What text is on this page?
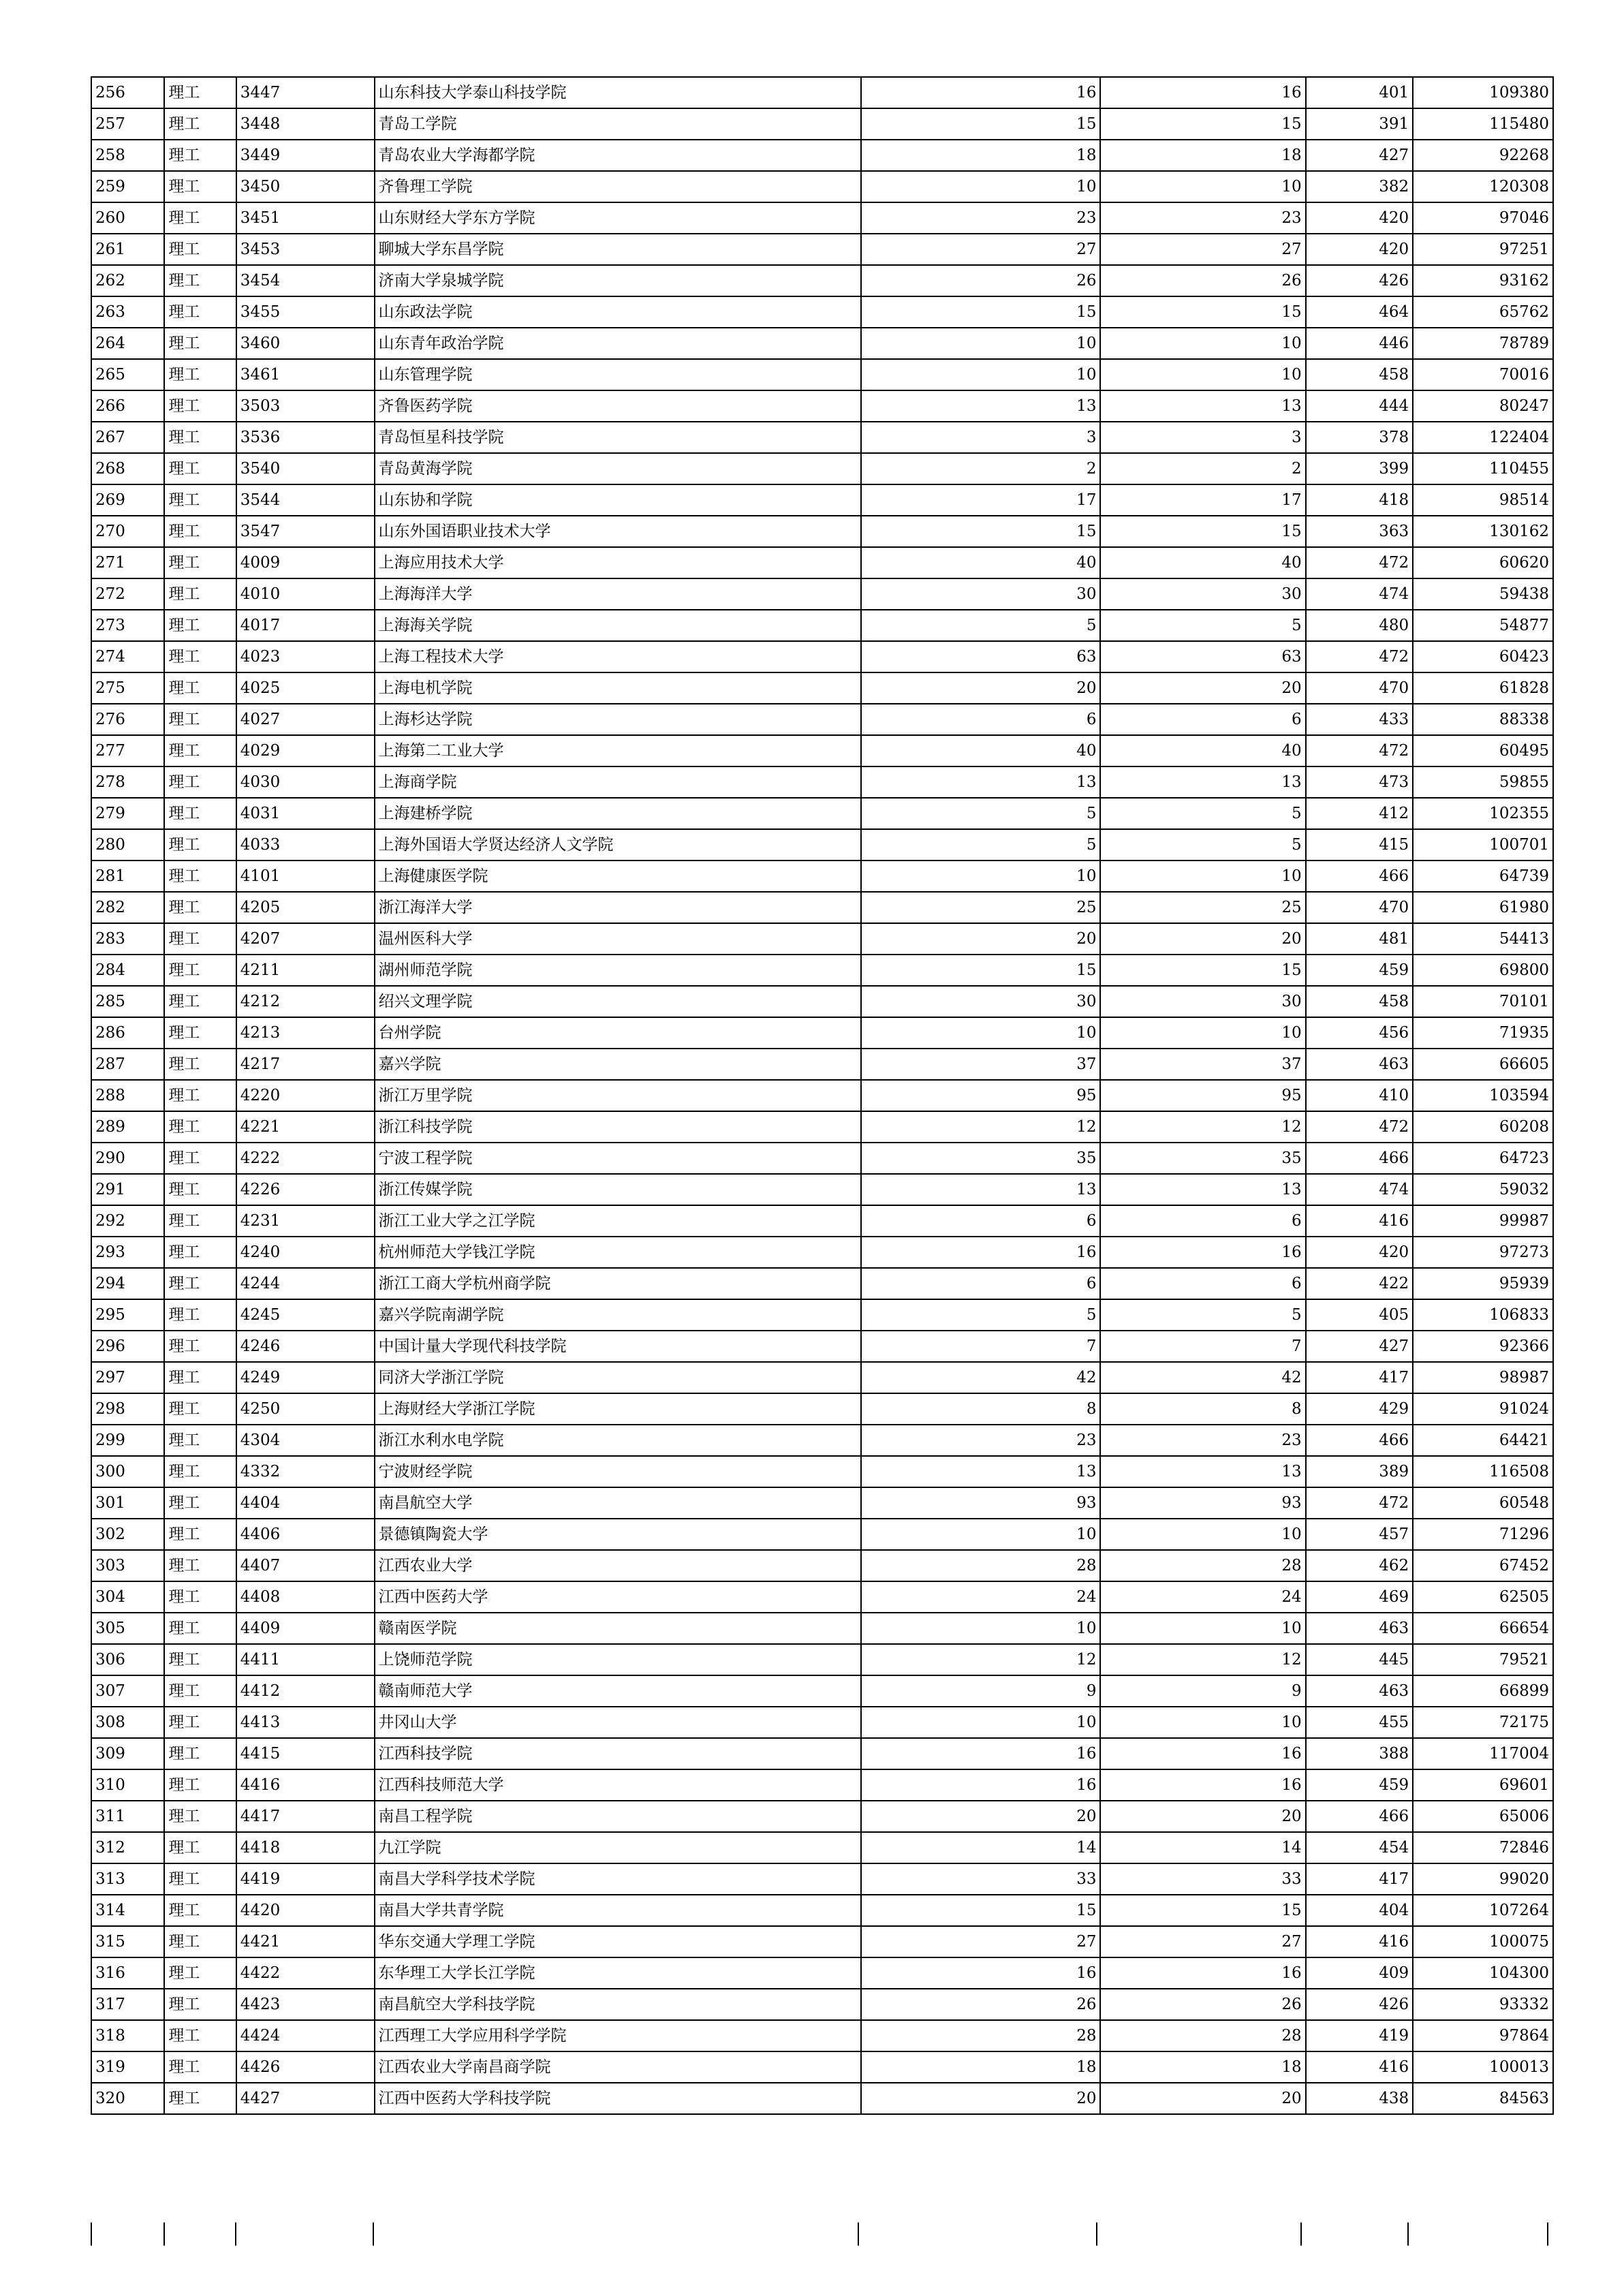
256	理工	3447	山东科技大学泰山科技学院	16	16	401	109380
257	理工	3448	青岛工学院	15	15	391	115480
258	理工	3449	青岛农业大学海都学院	18	18	427	92268
259	理工	3450	齐鲁理工学院	10	10	382	120308
260	理工	3451	山东财经大学东方学院	23	23	420	97046
261	理工	3453	聊城大学东昌学院	27	27	420	97251
262	理工	3454	济南大学泉城学院	26	26	426	93162
263	理工	3455	山东政法学院	15	15	464	65762
264	理工	3460	山东青年政治学院	10	10	446	78789
265	理工	3461	山东管理学院	10	10	458	70016
266	理工	3503	齐鲁医药学院	13	13	444	80247
267	理工	3536	青岛恒星科技学院	3	3	378	122404
268	理工	3540	青岛黄海学院	2	2	399	110455
269	理工	3544	山东协和学院	17	17	418	98514
270	理工	3547	山东外国语职业技术大学	15	15	363	130162
271	理工	4009	上海应用技术大学	40	40	472	60620
272	理工	4010	上海海洋大学	30	30	474	59438
273	理工	4017	上海海关学院	5	5	480	54877
274	理工	4023	上海工程技术大学	63	63	472	60423
275	理工	4025	上海电机学院	20	20	470	61828
276	理工	4027	上海杉达学院	6	6	433	88338
277	理工	4029	上海第二工业大学	40	40	472	60495
278	理工	4030	上海商学院	13	13	473	59855
279	理工	4031	上海建桥学院	5	5	412	102355
280	理工	4033	上海外国语大学贤达经济人文学院	5	5	415	100701
281	理工	4101	上海健康医学院	10	10	466	64739
282	理工	4205	浙江海洋大学	25	25	470	61980
283	理工	4207	温州医科大学	20	20	481	54413
284	理工	4211	湖州师范学院	15	15	459	69800
285	理工	4212	绍兴文理学院	30	30	458	70101
286	理工	4213	台州学院	10	10	456	71935
287	理工	4217	嘉兴学院	37	37	463	66605
288	理工	4220	浙江万里学院	95	95	410	103594
289	理工	4221	浙江科技学院	12	12	472	60208
290	理工	4222	宁波工程学院	35	35	466	64723
291	理工	4226	浙江传媒学院	13	13	474	59032
292	理工	4231	浙江工业大学之江学院	6	6	416	99987
293	理工	4240	杭州师范大学钱江学院	16	16	420	97273
294	理工	4244	浙江工商大学杭州商学院	6	6	422	95939
295	理工	4245	嘉兴学院南湖学院	5	5	405	106833
296	理工	4246	中国计量大学现代科技学院	7	7	427	92366
297	理工	4249	同济大学浙江学院	42	42	417	98987
298	理工	4250	上海财经大学浙江学院	8	8	429	91024
299	理工	4304	浙江水利水电学院	23	23	466	64421
300	理工	4332	宁波财经学院	13	13	389	116508
301	理工	4404	南昌航空大学	93	93	472	60548
302	理工	4406	景德镇陶瓷大学	10	10	457	71296
303	理工	4407	江西农业大学	28	28	462	67452
304	理工	4408	江西中医药大学	24	24	469	62505
305	理工	4409	赣南医学院	10	10	463	66654
306	理工	4411	上饶师范学院	12	12	445	79521
307	理工	4412	赣南师范大学	9	9	463	66899
308	理工	4413	井冈山大学	10	10	455	72175
309	理工	4415	江西科技学院	16	16	388	117004
310	理工	4416	江西科技师范大学	16	16	459	69601
311	理工	4417	南昌工程学院	20	20	466	65006
312	理工	4418	九江学院	14	14	454	72846
313	理工	4419	南昌大学科学技术学院	33	33	417	99020
314	理工	4420	南昌大学共青学院	15	15	404	107264
315	理工	4421	华东交通大学理工学院	27	27	416	100075
316	理工	4422	东华理工大学长江学院	16	16	409	104300
317	理工	4423	南昌航空大学科技学院	26	26	426	93332
318	理工	4424	江西理工大学应用科学学院	28	28	419	97864
319	理工	4426	江西农业大学南昌商学院	18	18	416	100013
320	理工	4427	江西中医药大学科技学院	20	20	438	84563
